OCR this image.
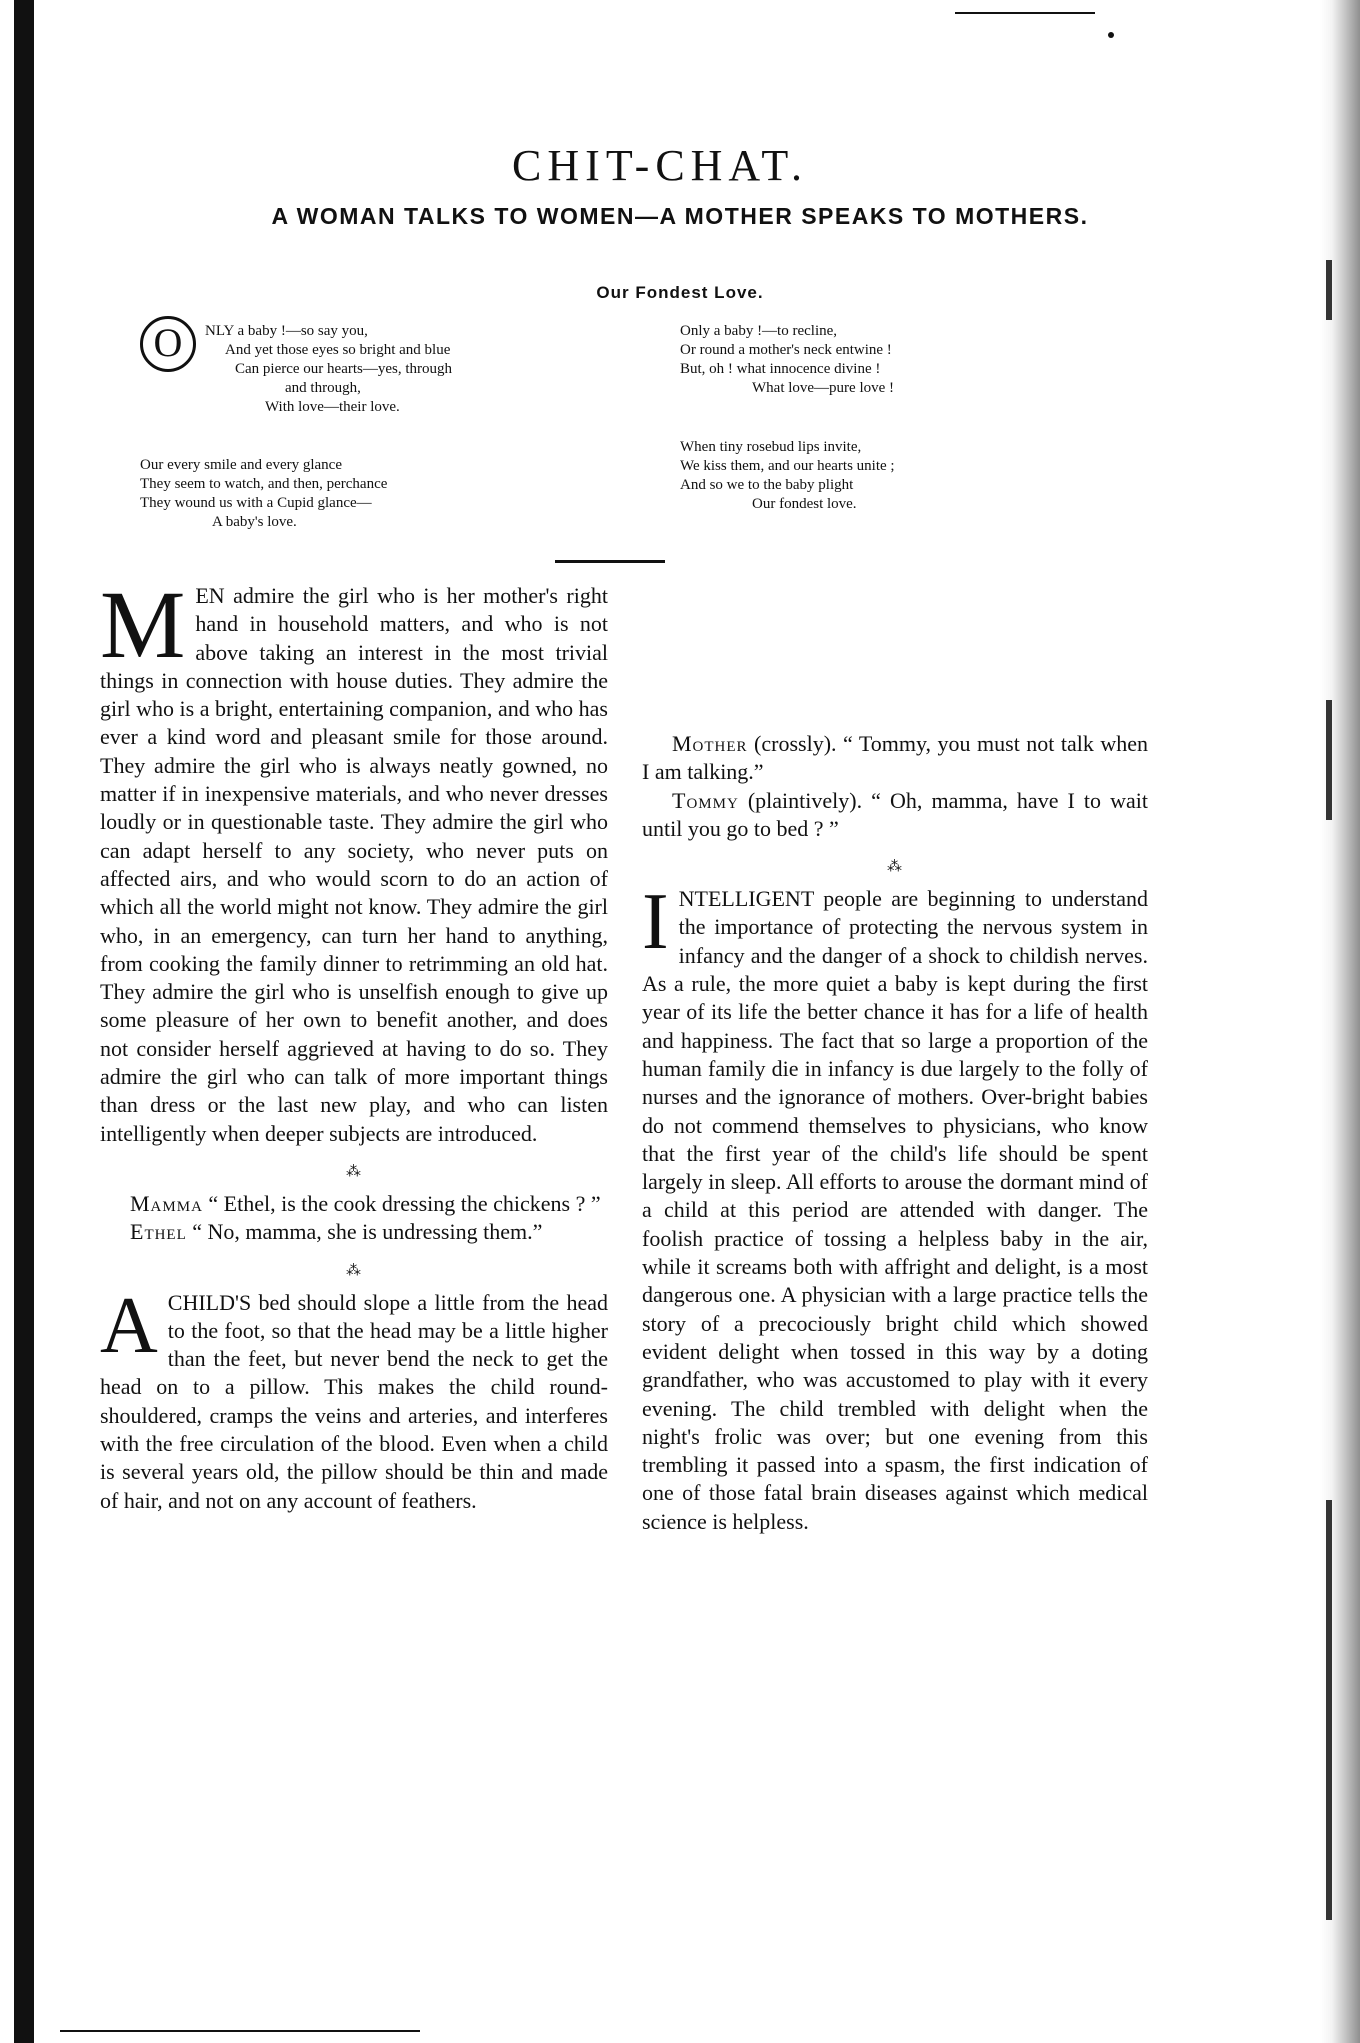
CHIT-CHAT.
A WOMAN TALKS TO WOMEN—A MOTHER SPEAKS TO MOTHERS.
Our Fondest Love.
O	NLY a baby !—so say you,
And yet those eyes so bright and blue
Can pierce our hearts—yes, through
and through,
With love—their love.
Our every smile and every glance
They seem to watch, and then, perchance
They wound us with a Cupid glance—
A baby's love.
Only a baby !—to recline,
Or round a mother's neck entwine !
But, oh ! what innocence divine !
What love—pure love !
When tiny rosebud lips invite,
We kiss them, and our hearts unite ;
And so we to the baby plight
Our fondest love.

MEN admire the girl who is her mother's right hand in household matters, and who is not above taking an interest in the most trivial things in connection with house duties. They admire the girl who is a bright, entertaining companion, and who has ever a kind word and pleasant smile for those around. They admire the girl who is always neatly gowned, no matter if in inexpensive materials, and who never dresses loudly or in questionable taste. They admire the girl who can adapt herself to any society, who never puts on affected airs, and who would scorn to do an action of which all the world might not know. They admire the girl who, in an emergency, can turn her hand to anything, from cooking the family dinner to retrimming an old hat. They admire the girl who is unselfish enough to give up some pleasure of her own to benefit another, and does not consider herself aggrieved at having to do so. They admire the girl who can talk of more important things than dress or the last new play, and who can listen intelligently when deeper subjects are introduced.

⁂

Mamma “ Ethel, is the cook dressing the chickens ? ”

Ethel “ No, mamma, she is undressing them.”

⁂

A CHILD'S bed should slope a little from the head to the foot, so that the head may be a little higher than the feet, but never bend the neck to get the head on to a pillow. This makes the child round-shouldered, cramps the veins and arteries, and interferes with the free circulation of the blood. Even when a child is several years old, the pillow should be thin and made of hair, and not on any account of feathers.

Mother (crossly). “ Tommy, you must not talk when I am talking.”

Tommy (plaintively). “ Oh, mamma, have I to wait until you go to bed ? ”

⁂

INTELLIGENT people are beginning to understand the importance of protecting the nervous system in infancy and the danger of a shock to childish nerves. As a rule, the more quiet a baby is kept during the first year of its life the better chance it has for a life of health and happiness. The fact that so large a proportion of the human family die in infancy is due largely to the folly of nurses and the ignorance of mothers. Over-bright babies do not commend themselves to physicians, who know that the first year of the child's life should be spent largely in sleep. All efforts to arouse the dormant mind of a child at this period are attended with danger. The foolish practice of tossing a helpless baby in the air, while it screams both with affright and delight, is a most dangerous one. A physician with a large practice tells the story of a precociously bright child which showed evident delight when tossed in this way by a doting grandfather, who was accustomed to play with it every evening. The child trembled with delight when the night's frolic was over; but one evening from this trembling it passed into a spasm, the first indication of one of those fatal brain diseases against which medical science is helpless.
